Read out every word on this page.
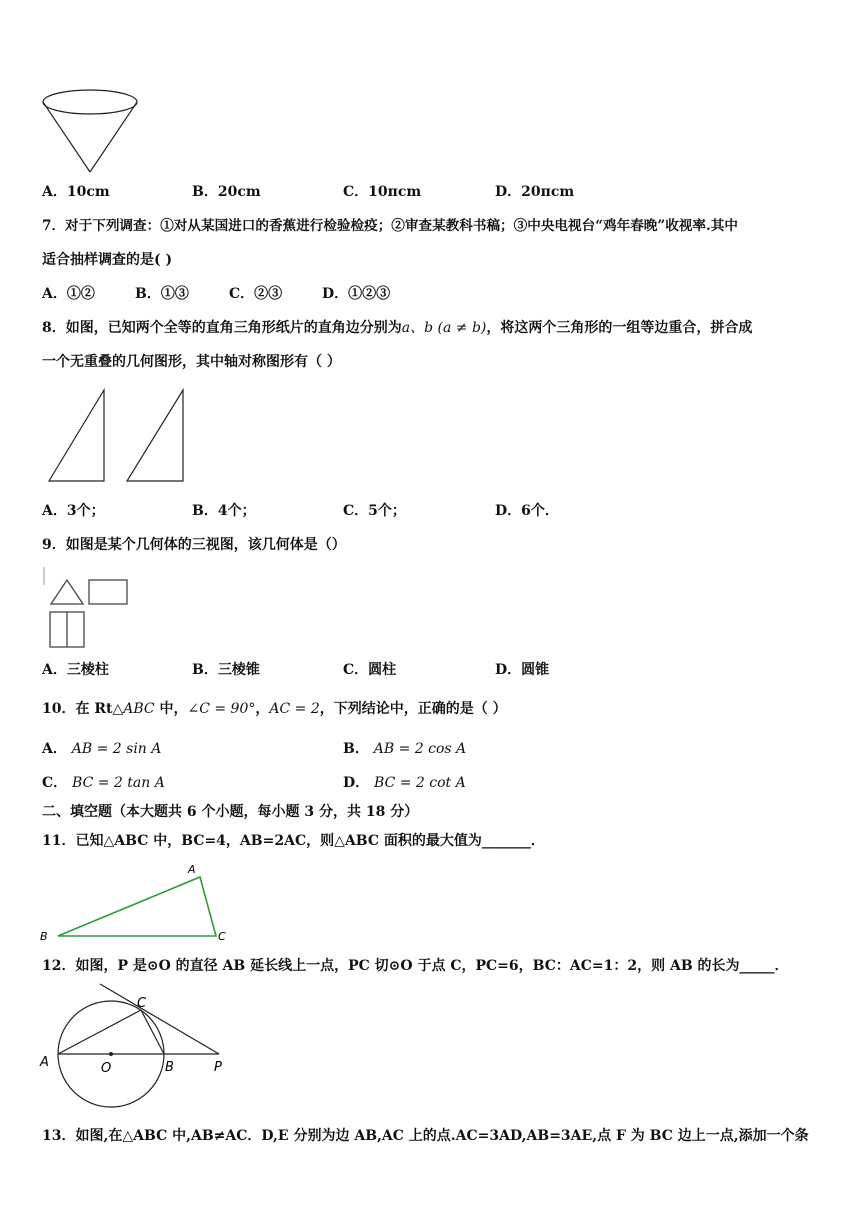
A．10cm	B．20cm	C．10πcm	D．20πcm
7．对于下列调查：①对从某国进口的香蕉进行检验检疫；②审查某教科书稿；③中央电视台“鸡年春晚”收视率.其中
适合抽样调查的是( )
A．①②	B．①③	C．②③	D．①②③
8．如图，已知两个全等的直角三角形纸片的直角边分别为a、b (a ≠ b)，将这两个三角形的一组等边重合，拼合成
一个无重叠的几何图形，其中轴对称图形有（ ）
A．3个；	B．4个；	C．5个；	D．6个．
9．如图是某个几何体的三视图，该几何体是（）
A．三棱柱	B．三棱锥	C．圆柱	D．圆锥
10．在 Rt△ABC 中，∠C = 90°，AC = 2，下列结论中，正确的是（ ）
A． AB = 2 sin A	B． AB = 2 cos A
C． BC = 2 tan A	D． BC = 2 cot A
二、填空题（本大题共 6 个小题，每小题 3 分，共 18 分）
11．已知△ABC 中，BC=4，AB=2AC，则△ABC 面积的最大值为_______．
A
B	C
12．如图，P 是⊙O 的直径 AB 延长线上一点，PC 切⊙O 于点 C，PC=6，BC：AC=1：2，则 AB 的长为_____．
A	O	B	P
C
13．如图,在△ABC 中,AB≠AC．D,E 分别为边 AB,AC 上的点.AC=3AD,AB=3AE,点 F 为 BC 边上一点,添加一个条
